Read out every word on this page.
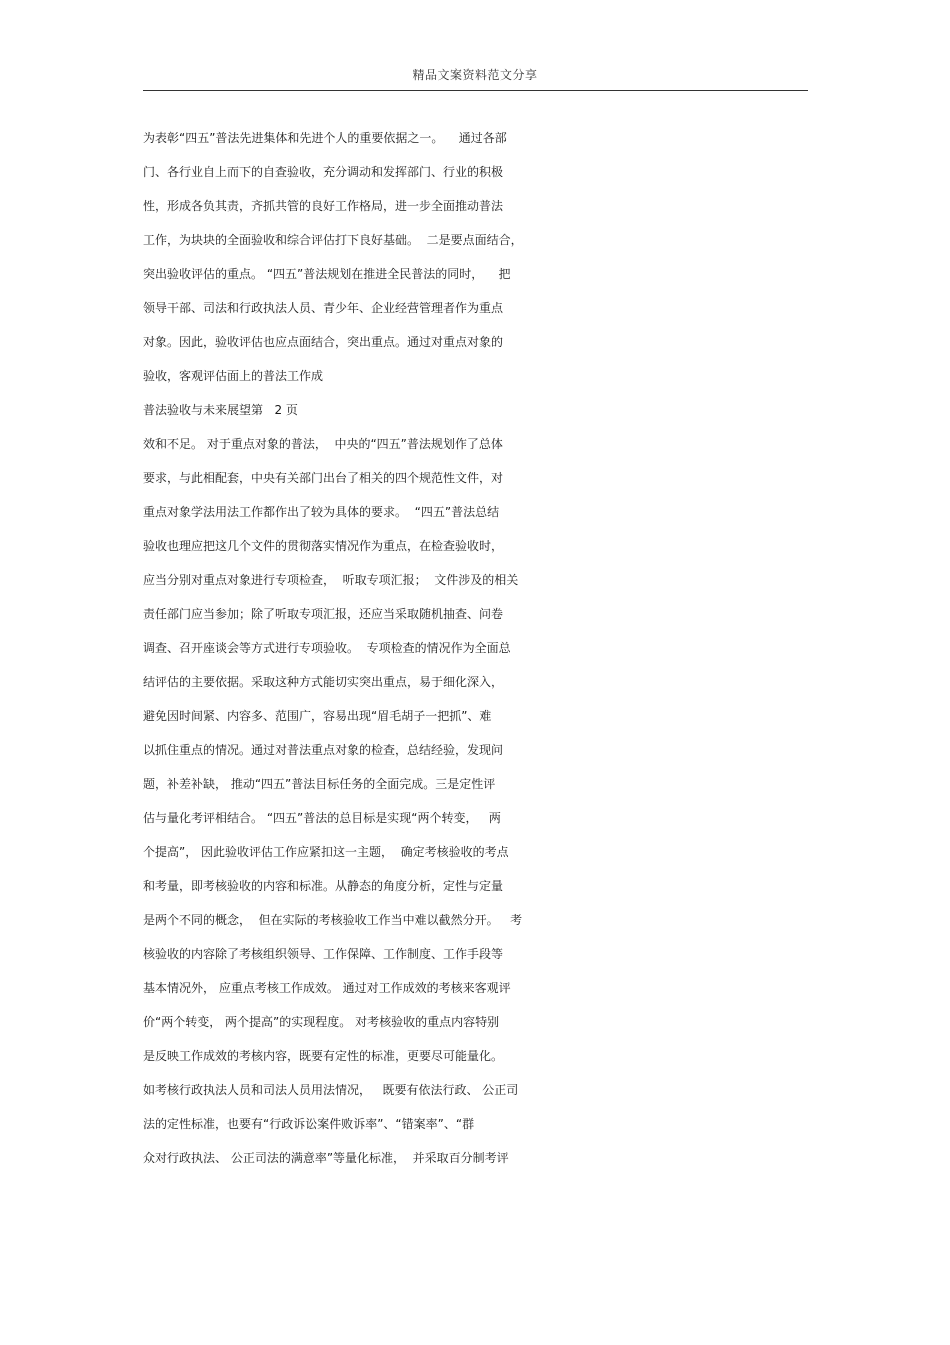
精品文案资料范文分享
为表彰“四五”普法先进集体和先进个人的重要依据之一。    通过各部
门、各行业自上而下的自查验收，充分调动和发挥部门、行业的积极
性，形成各负其责，齐抓共管的良好工作格局，进一步全面推动普法
工作，为块块的全面验收和综合评估打下良好基础。  二是要点面结合，
突出验收评估的重点。 “四五”普法规划在推进全民普法的同时，    把
领导干部、司法和行政执法人员、青少年、企业经营管理者作为重点
对象。因此，验收评估也应点面结合，突出重点。通过对重点对象的
验收，客观评估面上的普法工作成
普法验收与未来展望第   2 页
效和不足。 对于重点对象的普法，  中央的“四五”普法规划作了总体
要求，与此相配套，中央有关部门出台了相关的四个规范性文件，对
重点对象学法用法工作都作出了较为具体的要求。  “四五”普法总结
验收也理应把这几个文件的贯彻落实情况作为重点，在检查验收时，
应当分别对重点对象进行专项检查，  听取专项汇报；  文件涉及的相关
责任部门应当参加；除了听取专项汇报，还应当采取随机抽查、问卷
调查、召开座谈会等方式进行专项验收。  专项检查的情况作为全面总
结评估的主要依据。采取这种方式能切实突出重点，易于细化深入，
避免因时间紧、内容多、范围广，容易出现“眉毛胡子一把抓”、难
以抓住重点的情况。通过对普法重点对象的检查，总结经验，发现问
题，补差补缺， 推动“四五”普法目标任务的全面完成。三是定性评
估与量化考评相结合。 “四五”普法的总目标是实现“两个转变，   两
个提高”， 因此验收评估工作应紧扣这一主题，  确定考核验收的考点
和考量，即考核验收的内容和标准。从静态的角度分析，定性与定量
是两个不同的概念，  但在实际的考核验收工作当中难以截然分开。   考
核验收的内容除了考核组织领导、工作保障、工作制度、工作手段等
基本情况外， 应重点考核工作成效。 通过对工作成效的考核来客观评
价“两个转变， 两个提高”的实现程度。 对考核验收的重点内容特别
是反映工作成效的考核内容，既要有定性的标准，更要尽可能量化。
如考核行政执法人员和司法人员用法情况，   既要有依法行政、 公正司
法的定性标准，也要有“行政诉讼案件败诉率”、“错案率”、“群
众对行政执法、 公正司法的满意率”等量化标准，  并采取百分制考评
